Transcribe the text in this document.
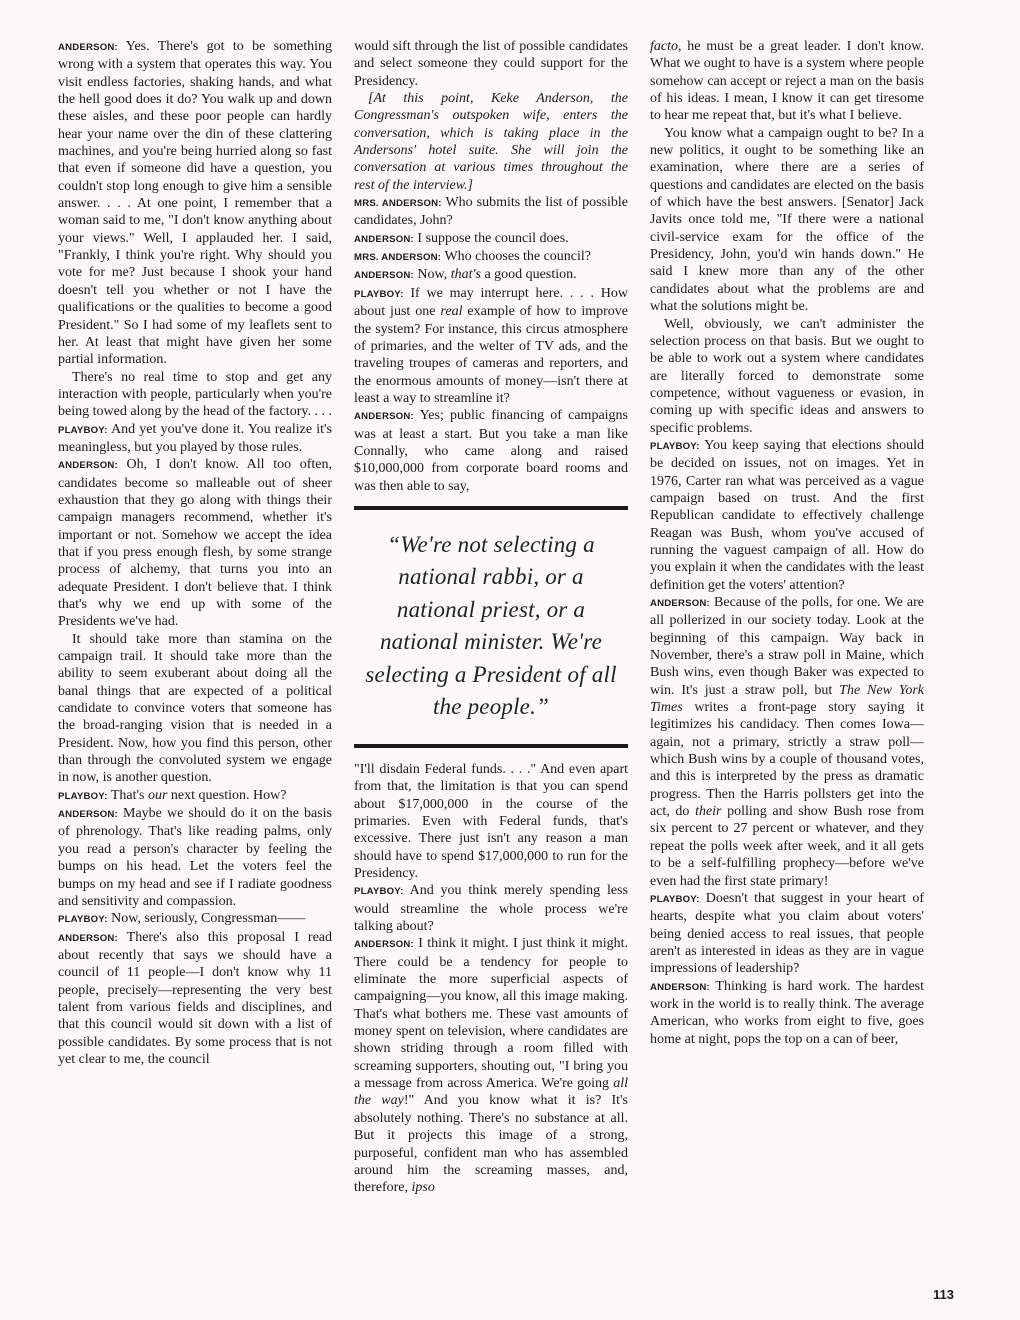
ANDERSON: Yes. There's got to be something wrong with a system that operates this way. You visit endless factories, shaking hands, and what the hell good does it do? You walk up and down these aisles, and these poor people can hardly hear your name over the din of these clattering machines, and you're being hurried along so fast that even if someone did have a question, you couldn't stop long enough to give him a sensible answer. . . . At one point, I remember that a woman said to me, "I don't know anything about your views." Well, I applauded her. I said, "Frankly, I think you're right. Why should you vote for me? Just because I shook your hand doesn't tell you whether or not I have the qualifications or the qualities to become a good President." So I had some of my leaflets sent to her. At least that might have given her some partial information.

There's no real time to stop and get any interaction with people, particularly when you're being towed along by the head of the factory. . . .

PLAYBOY: And yet you've done it. You realize it's meaningless, but you played by those rules.

ANDERSON: Oh, I don't know. All too often, candidates become so malleable out of sheer exhaustion that they go along with things their campaign managers recommend, whether it's important or not. Somehow we accept the idea that if you press enough flesh, by some strange process of alchemy, that turns you into an adequate President. I don't believe that. I think that's why we end up with some of the Presidents we've had.

It should take more than stamina on the campaign trail. It should take more than the ability to seem exuberant about doing all the banal things that are expected of a political candidate to convince voters that someone has the broad-ranging vision that is needed in a President. Now, how you find this person, other than through the convoluted system we engage in now, is another question.

PLAYBOY: That's our next question. How?

ANDERSON: Maybe we should do it on the basis of phrenology. That's like reading palms, only you read a person's character by feeling the bumps on his head. Let the voters feel the bumps on my head and see if I radiate goodness and sensitivity and compassion.

PLAYBOY: Now, seriously, Congressman——

ANDERSON: There's also this proposal I read about recently that says we should have a council of 11 people—I don't know why 11 people, precisely—representing the very best talent from various fields and disciplines, and that this council would sit down with a list of possible candidates. By some process that is not yet clear to me, the council

would sift through the list of possible candidates and select someone they could support for the Presidency.

[At this point, Keke Anderson, the Congressman's outspoken wife, enters the conversation, which is taking place in the Andersons' hotel suite. She will join the conversation at various times throughout the rest of the interview.]

MRS. ANDERSON: Who submits the list of possible candidates, John?

ANDERSON: I suppose the council does.

MRS. ANDERSON: Who chooses the council?

ANDERSON: Now, that's a good question.

PLAYBOY: If we may interrupt here. . . . How about just one real example of how to improve the system? For instance, this circus atmosphere of primaries, and the welter of TV ads, and the traveling troupes of cameras and reporters, and the enormous amounts of money—isn't there at least a way to streamline it?

ANDERSON: Yes; public financing of campaigns was at least a start. But you take a man like Connally, who came along and raised $10,000,000 from corporate board rooms and was then able to say,

“We're not selecting a national rabbi, or a national priest, or a national minister. We're selecting a President of all the people.”

"I'll disdain Federal funds. . . ." And even apart from that, the limitation is that you can spend about $17,000,000 in the course of the primaries. Even with Federal funds, that's excessive. There just isn't any reason a man should have to spend $17,000,000 to run for the Presidency.

PLAYBOY: And you think merely spending less would streamline the whole process we're talking about?

ANDERSON: I think it might. I just think it might. There could be a tendency for people to eliminate the more superficial aspects of campaigning—you know, all this image making. That's what bothers me. These vast amounts of money spent on television, where candidates are shown striding through a room filled with screaming supporters, shouting out, "I bring you a message from across America. We're going all the way!" And you know what it is? It's absolutely nothing. There's no substance at all. But it projects this image of a strong, purposeful, confident man who has assembled around him the screaming masses, and, therefore, ipso

facto, he must be a great leader. I don't know. What we ought to have is a system where people somehow can accept or reject a man on the basis of his ideas. I mean, I know it can get tiresome to hear me repeat that, but it's what I believe.

You know what a campaign ought to be? In a new politics, it ought to be something like an examination, where there are a series of questions and candidates are elected on the basis of which have the best answers. [Senator] Jack Javits once told me, "If there were a national civil-service exam for the office of the Presidency, John, you'd win hands down." He said I knew more than any of the other candidates about what the problems are and what the solutions might be.

Well, obviously, we can't administer the selection process on that basis. But we ought to be able to work out a system where candidates are literally forced to demonstrate some competence, without vagueness or evasion, in coming up with specific ideas and answers to specific problems.

PLAYBOY: You keep saying that elections should be decided on issues, not on images. Yet in 1976, Carter ran what was perceived as a vague campaign based on trust. And the first Republican candidate to effectively challenge Reagan was Bush, whom you've accused of running the vaguest campaign of all. How do you explain it when the candidates with the least definition get the voters' attention?

ANDERSON: Because of the polls, for one. We are all pollerized in our society today. Look at the beginning of this campaign. Way back in November, there's a straw poll in Maine, which Bush wins, even though Baker was expected to win. It's just a straw poll, but The New York Times writes a front-page story saying it legitimizes his candidacy. Then comes Iowa—again, not a primary, strictly a straw poll—which Bush wins by a couple of thousand votes, and this is interpreted by the press as dramatic progress. Then the Harris pollsters get into the act, do their polling and show Bush rose from six percent to 27 percent or whatever, and they repeat the polls week after week, and it all gets to be a self-fulfilling prophecy—before we've even had the first state primary!

PLAYBOY: Doesn't that suggest in your heart of hearts, despite what you claim about voters' being denied access to real issues, that people aren't as interested in ideas as they are in vague impressions of leadership?

ANDERSON: Thinking is hard work. The hardest work in the world is to really think. The average American, who works from eight to five, goes home at night, pops the top on a can of beer,

113
